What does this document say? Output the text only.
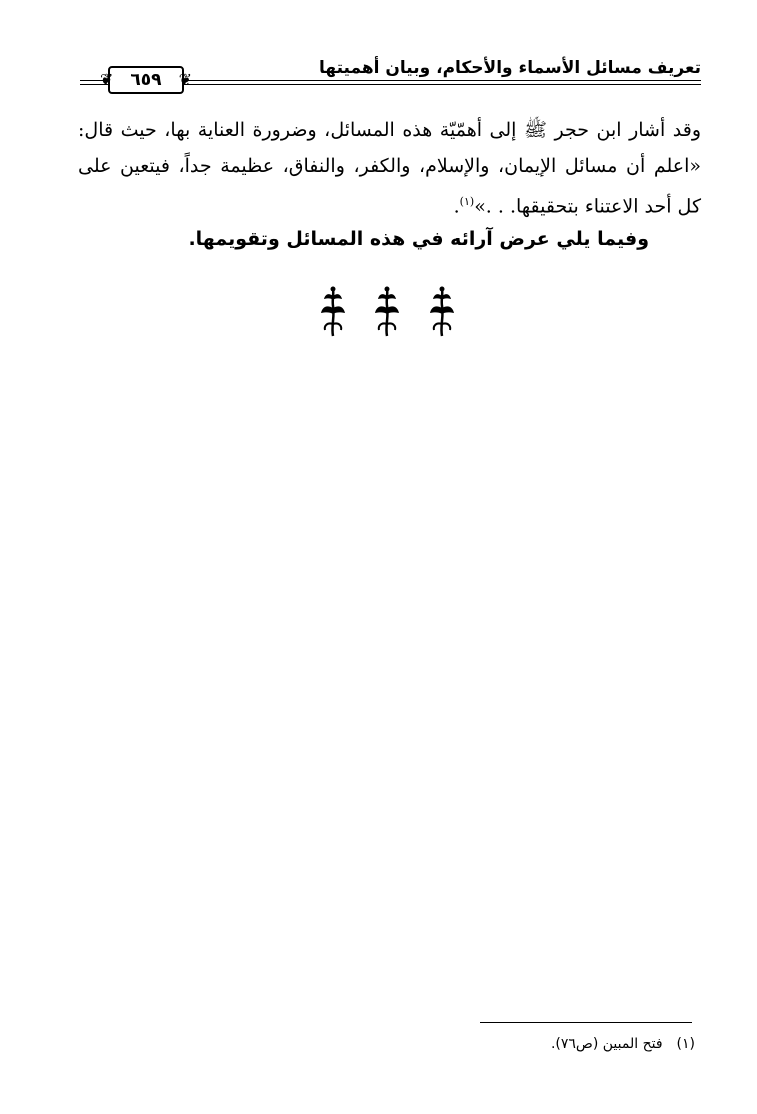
تعريف مسائل الأسماء والأحكام، وبيان أهميتها
❦ ٦٥٩ ❦

وقد أشار ابن حجر ﷺ إلى أهمّيّة هذه المسائل، وضرورة العناية بها، حيث قال: «اعلم أن مسائل الإيمان، والإسلام، والكفر، والنفاق، عظيمة جداً، فيتعين على كل أحد الاعتناء بتحقيقها. . .»$^{(١)}$.

وفيما يلي عرض آرائه في هذه المسائل وتقويمها.
(١)فتح المبين (ص٧٦).
